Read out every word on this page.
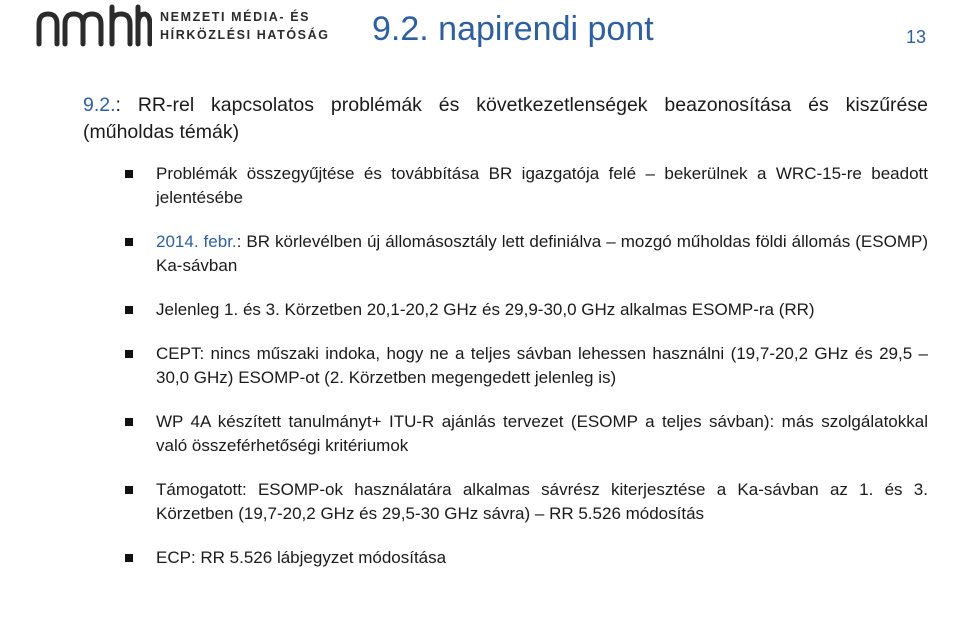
NEMZETI MÉDIA- ÉS
HÍRKÖZLÉSI HATÓSÁG 9.2. napirendi pont	13

9.2.: RR-rel kapcsolatos problémák és következetlenségek beazonosítása és kiszűrése (műholdas témák)

Problémák összegyűjtése és továbbítása BR igazgatója felé – bekerülnek a WRC-15-re beadott jelentésébe
2014. febr.: BR körlevélben új állomásosztály lett definiálva – mozgó műholdas földi állomás (ESOMP) Ka-sávban
Jelenleg 1. és 3. Körzetben 20,1-20,2 GHz és 29,9-30,0 GHz alkalmas ESOMP-ra (RR)
CEPT: nincs műszaki indoka, hogy ne a teljes sávban lehessen használni (19,7-20,2 GHz és 29,5 – 30,0 GHz) ESOMP-ot (2. Körzetben megengedett jelenleg is)
WP 4A készített tanulmányt+ ITU-R ajánlás tervezet (ESOMP a teljes sávban): más szolgálatokkal való összeférhetőségi kritériumok
Támogatott: ESOMP-ok használatára alkalmas sávrész kiterjesztése a Ka-sávban az 1. és 3. Körzetben (19,7-20,2 GHz és 29,5-30 GHz sávra) – RR 5.526 módosítás
ECP: RR 5.526 lábjegyzet módosítása
